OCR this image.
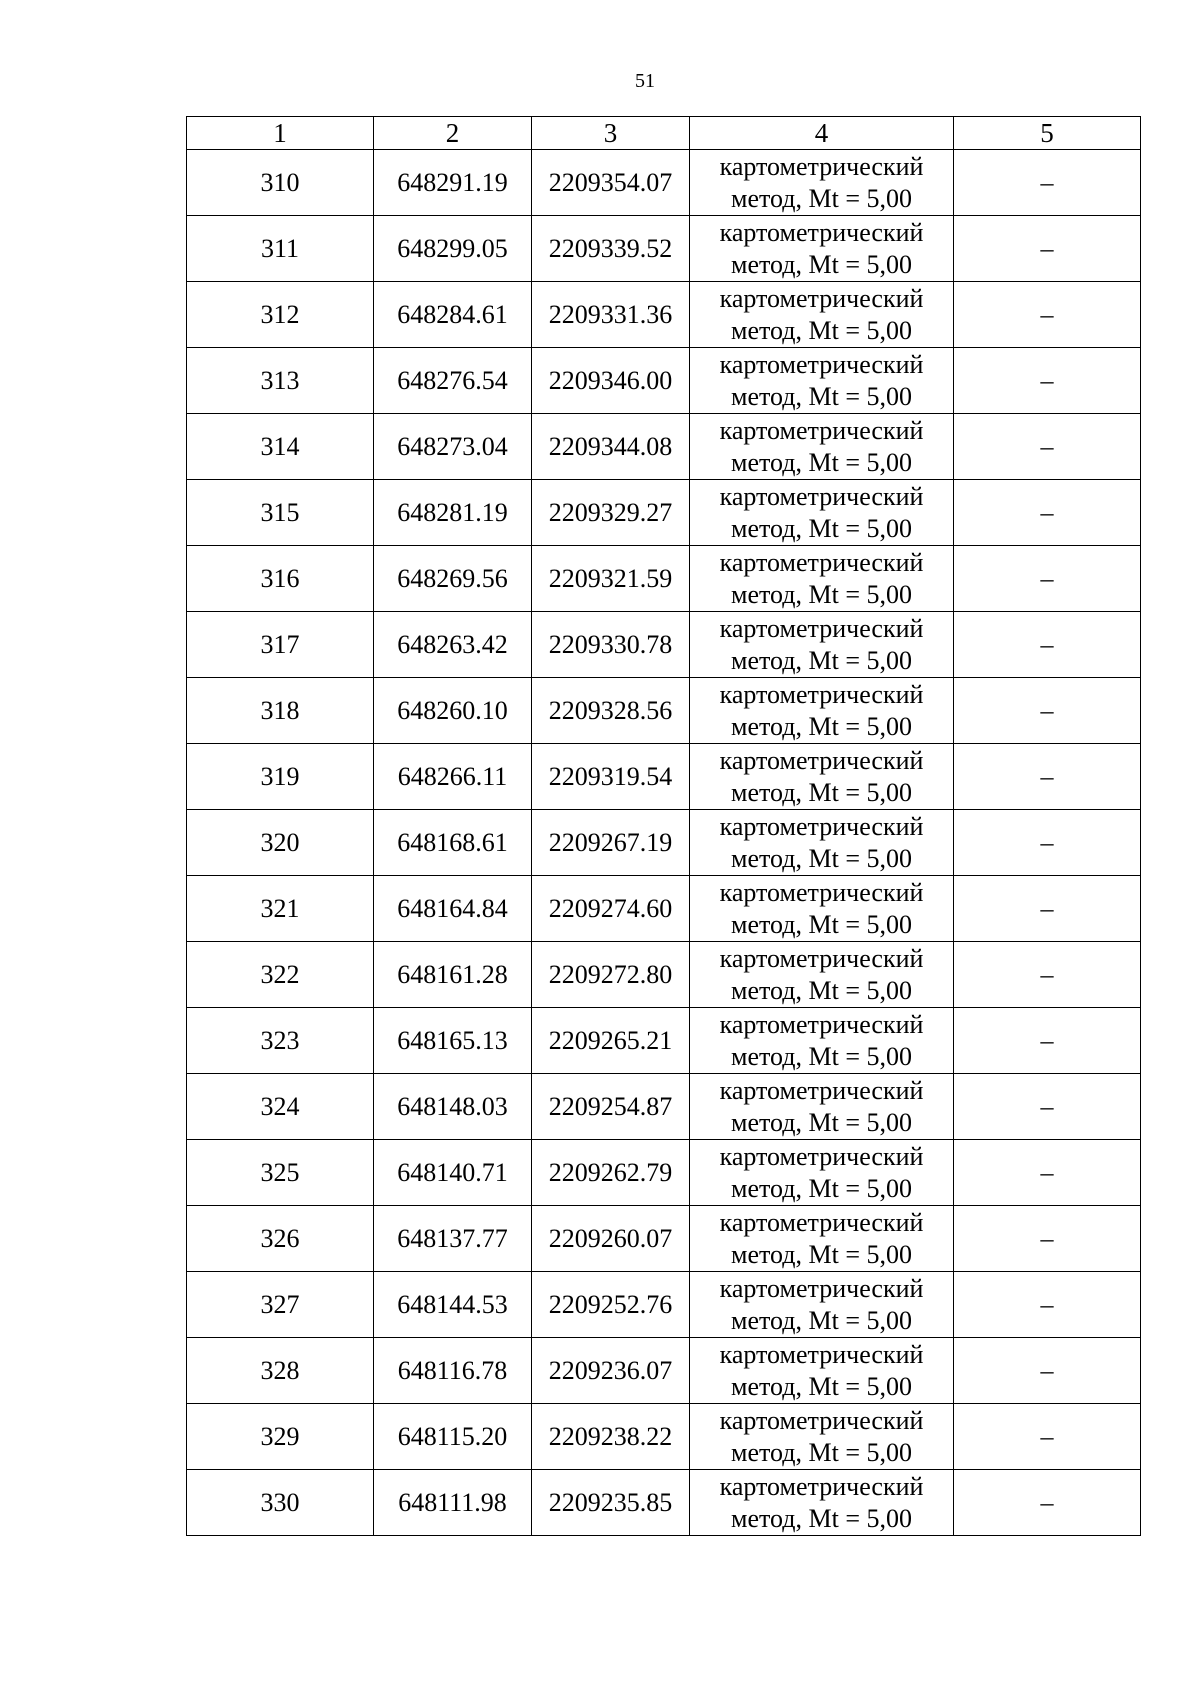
51
1	2	3	4	5
310	648291.19	2209354.07	картометрический
метод, Mt = 5,00	–
311	648299.05	2209339.52	картометрический
метод, Mt = 5,00	–
312	648284.61	2209331.36	картометрический
метод, Mt = 5,00	–
313	648276.54	2209346.00	картометрический
метод, Mt = 5,00	–
314	648273.04	2209344.08	картометрический
метод, Mt = 5,00	–
315	648281.19	2209329.27	картометрический
метод, Mt = 5,00	–
316	648269.56	2209321.59	картометрический
метод, Mt = 5,00	–
317	648263.42	2209330.78	картометрический
метод, Mt = 5,00	–
318	648260.10	2209328.56	картометрический
метод, Mt = 5,00	–
319	648266.11	2209319.54	картометрический
метод, Mt = 5,00	–
320	648168.61	2209267.19	картометрический
метод, Mt = 5,00	–
321	648164.84	2209274.60	картометрический
метод, Mt = 5,00	–
322	648161.28	2209272.80	картометрический
метод, Mt = 5,00	–
323	648165.13	2209265.21	картометрический
метод, Mt = 5,00	–
324	648148.03	2209254.87	картометрический
метод, Mt = 5,00	–
325	648140.71	2209262.79	картометрический
метод, Mt = 5,00	–
326	648137.77	2209260.07	картометрический
метод, Mt = 5,00	–
327	648144.53	2209252.76	картометрический
метод, Mt = 5,00	–
328	648116.78	2209236.07	картометрический
метод, Mt = 5,00	–
329	648115.20	2209238.22	картометрический
метод, Mt = 5,00	–
330	648111.98	2209235.85	картометрический
метод, Mt = 5,00	–
